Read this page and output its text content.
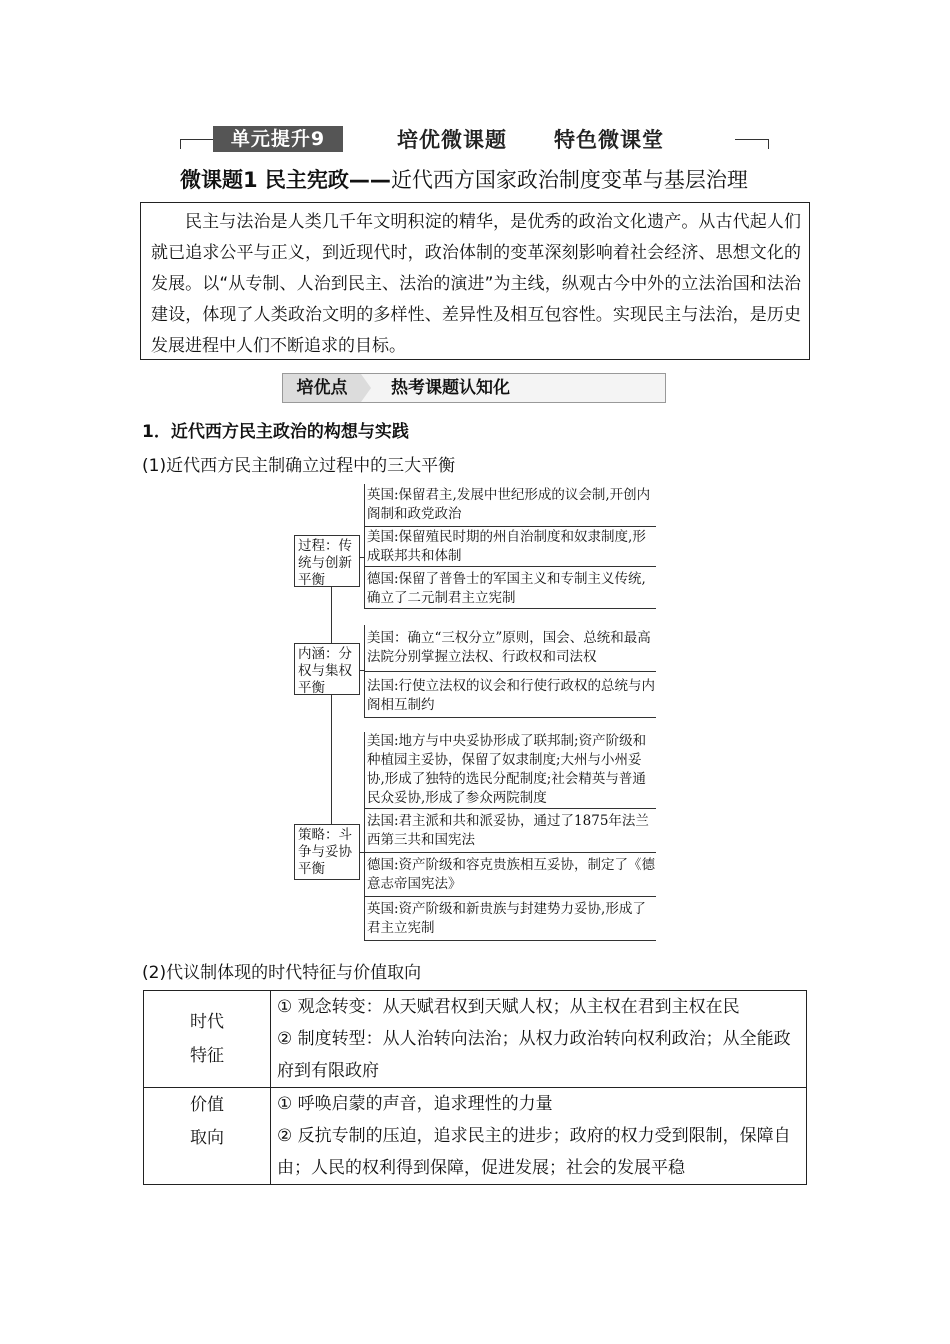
单元提升9	培优微课题 特色微课堂
微课题1 民主宪政——近代西方国家政治制度变革与基层治理
民主与法治是人类几千年文明积淀的精华，是优秀的政治文化遗产。从古代起人们就已追求公平与正义，到近现代时，政治体制的变革深刻影响着社会经济、思想文化的发展。以“从专制、人治到民主、法治的演进”为主线，纵观古今中外的立法治国和法治建设，体现了人类政治文明的多样性、差异性及相互包容性。实现民主与法治，是历史发展进程中人们不断追求的目标。
培优点	热考课题认知化
1．近代西方民主政治的构想与实践
(1)近代西方民主制确立过程中的三大平衡
过程：传统与创新平衡
英国:保留君主,发展中世纪形成的议会制,开创内阁制和政党政治
美国:保留殖民时期的州自治制度和奴隶制度,形成联邦共和体制
德国:保留了普鲁士的军国主义和专制主义传统,确立了二元制君主立宪制
内涵：分权与集权平衡
美国：确立“三权分立”原则，国会、总统和最高法院分别掌握立法权、行政权和司法权
法国:行使立法权的议会和行使行政权的总统与内阁相互制约
策略：斗争与妥协平衡
美国:地方与中央妥协形成了联邦制;资产阶级和种植园主妥协，保留了奴隶制度;大州与小州妥协,形成了独特的选民分配制度;社会精英与普通民众妥协,形成了参众两院制度
法国:君主派和共和派妥协，通过了1875年法兰西第三共和国宪法
德国:资产阶级和容克贵族相互妥协，制定了《德意志帝国宪法》
英国:资产阶级和新贵族与封建势力妥协,形成了君主立宪制
(2)代议制体现的时代特征与价值取向
时代特征	① 观念转变：从天赋君权到天赋人权；从主权在君到主权在民
② 制度转型：从人治转向法治；从权力政治转向权利政治；从全能政府到有限政府

价值取向	① 呼唤启蒙的声音，追求理性的力量
② 反抗专制的压迫，追求民主的进步；政府的权力受到限制，保障自由；人民的权利得到保障，促进发展；社会的发展平稳
